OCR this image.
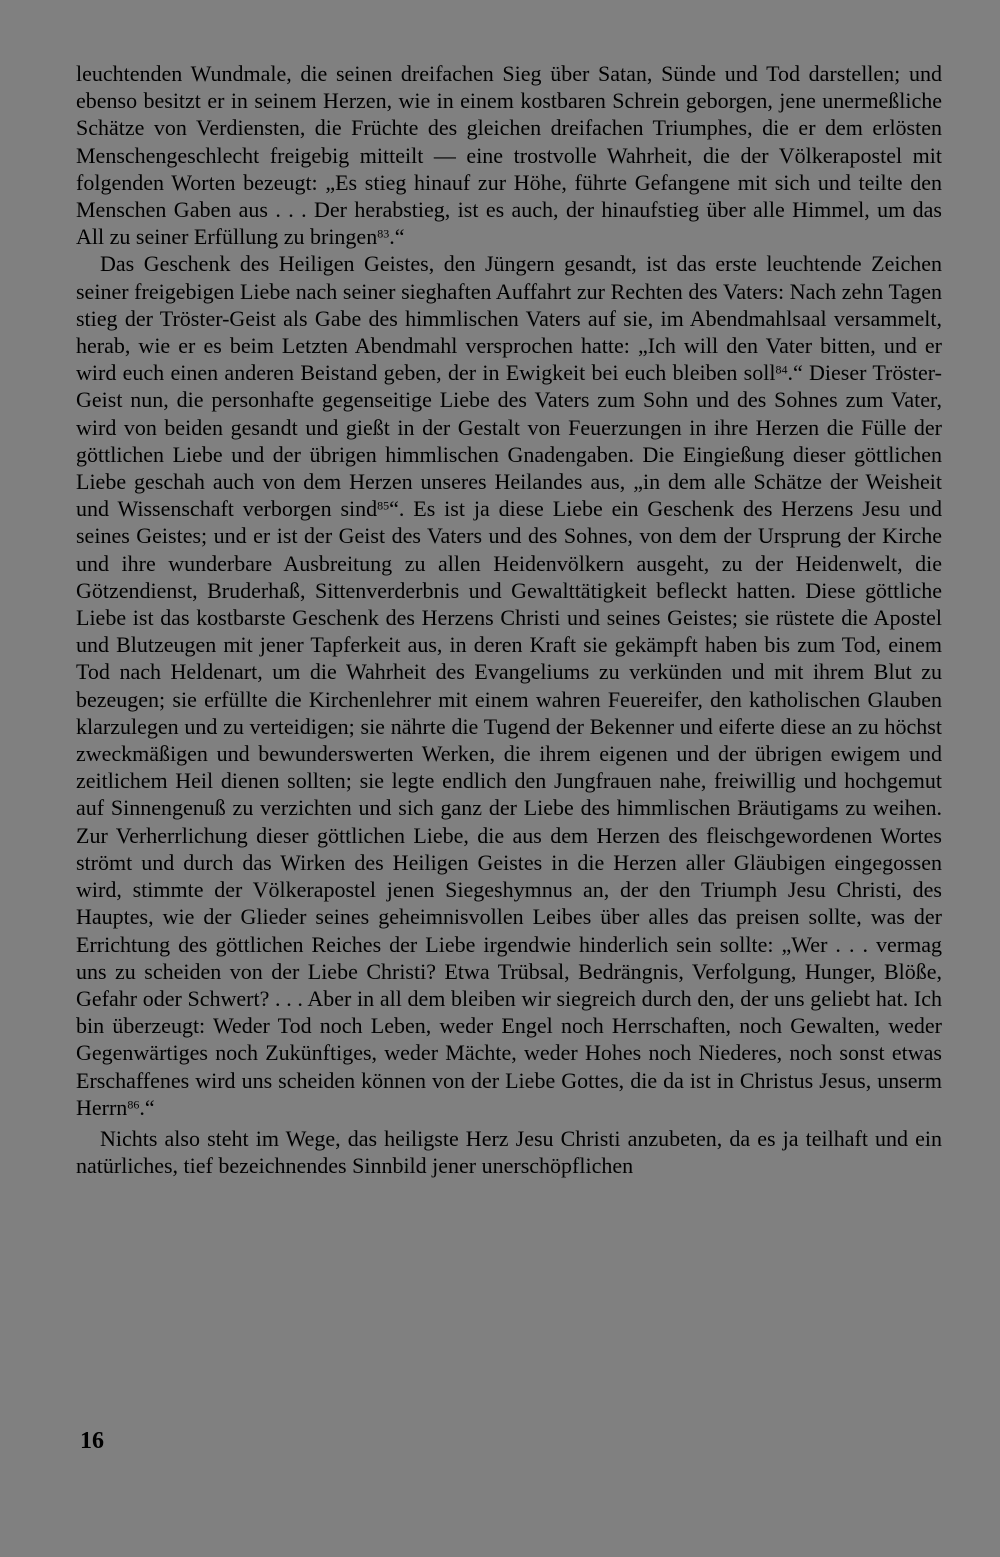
leuchtenden Wundmale, die seinen dreifachen Sieg über Satan, Sünde und Tod darstellen; und ebenso besitzt er in seinem Herzen, wie in einem kostbaren Schrein geborgen, jene unermeßliche Schätze von Verdiensten, die Früchte des gleichen dreifachen Triumphes, die er dem erlösten Menschengeschlecht freigebig mitteilt — eine trostvolle Wahrheit, die der Völkerapostel mit folgenden Worten bezeugt: „Es stieg hinauf zur Höhe, führte Gefangene mit sich und teilte den Menschen Gaben aus . . . Der herabstieg, ist es auch, der hinaufstieg über alle Himmel, um das All zu seiner Erfüllung zu bringen$^{83}$.“

Das Geschenk des Heiligen Geistes, den Jüngern gesandt, ist das erste leuchtende Zeichen seiner freigebigen Liebe nach seiner sieghaften Auffahrt zur Rechten des Vaters: Nach zehn Tagen stieg der Tröster-Geist als Gabe des himmlischen Vaters auf sie, im Abendmahlsaal versammelt, herab, wie er es beim Letzten Abendmahl versprochen hatte: „Ich will den Vater bitten, und er wird euch einen anderen Beistand geben, der in Ewigkeit bei euch bleiben soll$^{84}$.“ Dieser Tröster-Geist nun, die personhafte gegenseitige Liebe des Vaters zum Sohn und des Sohnes zum Vater, wird von beiden gesandt und gießt in der Gestalt von Feuerzungen in ihre Herzen die Fülle der göttlichen Liebe und der übrigen himmlischen Gnadengaben. Die Eingießung dieser göttlichen Liebe geschah auch von dem Herzen unseres Heilandes aus, „in dem alle Schätze der Weisheit und Wissenschaft verborgen sind$^{85}$“. Es ist ja diese Liebe ein Geschenk des Herzens Jesu und seines Geistes; und er ist der Geist des Vaters und des Sohnes, von dem der Ursprung der Kirche und ihre wunderbare Ausbreitung zu allen Heidenvölkern ausgeht, zu der Heidenwelt, die Götzendienst, Bruderhaß, Sittenverderbnis und Gewalttätigkeit befleckt hatten. Diese göttliche Liebe ist das kostbarste Geschenk des Herzens Christi und seines Geistes; sie rüstete die Apostel und Blutzeugen mit jener Tapferkeit aus, in deren Kraft sie gekämpft haben bis zum Tod, einem Tod nach Heldenart, um die Wahrheit des Evangeliums zu verkünden und mit ihrem Blut zu bezeugen; sie erfüllte die Kirchenlehrer mit einem wahren Feuereifer, den katholischen Glauben klarzulegen und zu verteidigen; sie nährte die Tugend der Bekenner und eiferte diese an zu höchst zweckmäßigen und bewunderswerten Werken, die ihrem eigenen und der übrigen ewigem und zeitlichem Heil dienen sollten; sie legte endlich den Jungfrauen nahe, freiwillig und hochgemut auf Sinnengenuß zu verzichten und sich ganz der Liebe des himmlischen Bräutigams zu weihen. Zur Verherrlichung dieser göttlichen Liebe, die aus dem Herzen des fleischgewordenen Wortes strömt und durch das Wirken des Heiligen Geistes in die Herzen aller Gläubigen eingegossen wird, stimmte der Völkerapostel jenen Siegeshymnus an, der den Triumph Jesu Christi, des Hauptes, wie der Glieder seines geheimnisvollen Leibes über alles das preisen sollte, was der Errichtung des göttlichen Reiches der Liebe irgendwie hinderlich sein sollte: „Wer . . . vermag uns zu scheiden von der Liebe Christi? Etwa Trübsal, Bedrängnis, Verfolgung, Hunger, Blöße, Gefahr oder Schwert? . . . Aber in all dem bleiben wir siegreich durch den, der uns geliebt hat. Ich bin überzeugt: Weder Tod noch Leben, weder Engel noch Herrschaften, noch Gewalten, weder Gegenwärtiges noch Zukünftiges, weder Mächte, weder Hohes noch Niederes, noch sonst etwas Erschaffenes wird uns scheiden können von der Liebe Gottes, die da ist in Christus Jesus, unserm Herrn$^{86}$.“

Nichts also steht im Wege, das heiligste Herz Jesu Christi anzubeten, da es ja teilhaft und ein natürliches, tief bezeichnendes Sinnbild jener unerschöpflichen

16
